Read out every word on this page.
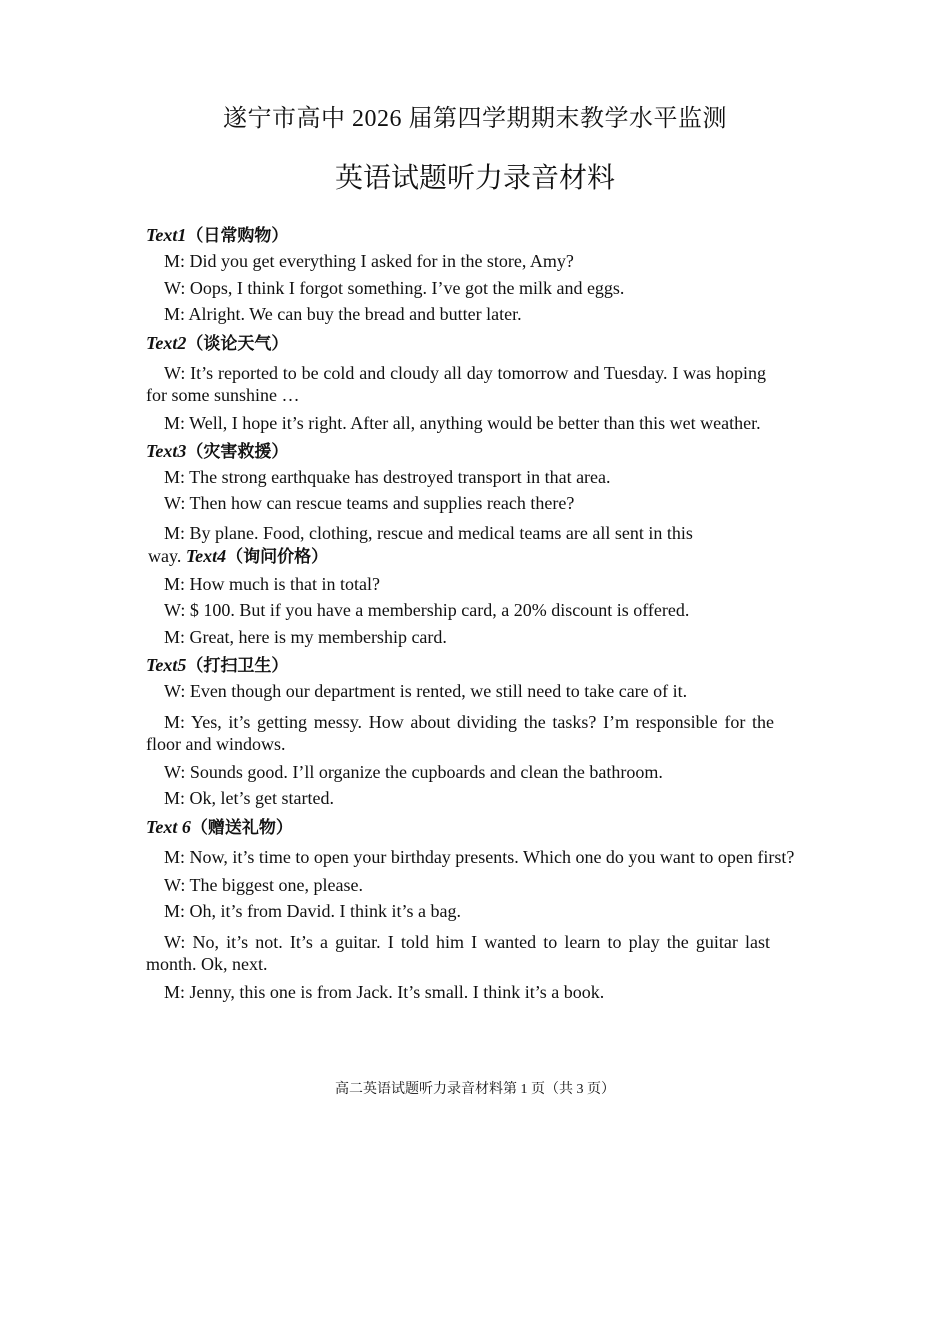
遂宁市高中 2026 届第四学期期末教学水平监测
英语试题听力录音材料
Text1（日常购物）
M: Did you get everything I asked for in the store, Amy?
W: Oops, I think I forgot something. I’ve got the milk and eggs.
M: Alright. We can buy the bread and butter later.
Text2（谈论天气）
W: It’s reported to be cold and cloudy all day tomorrow and Tuesday. I was hoping for some sunshine …
M: Well, I hope it’s right. After all, anything would be better than this wet weather.
Text3（灾害救援）
M: The strong earthquake has destroyed transport in that area.
W: Then how can rescue teams and supplies reach there?
M: By plane. Food, clothing, rescue and medical teams are all sent in this
way. Text4（询问价格）
M: How much is that in total?
W: $ 100. But if you have a membership card, a 20% discount is offered.
M: Great, here is my membership card.
Text5（打扫卫生）
W: Even though our department is rented, we still need to take care of it.
M: Yes, it’s getting messy. How about dividing the tasks? I’m responsible for the floor and windows.
W: Sounds good. I’ll organize the cupboards and clean the bathroom.
M: Ok, let’s get started.
Text 6（赠送礼物）
M: Now, it’s time to open your birthday presents. Which one do you want to open first?
W: The biggest one, please.
M: Oh, it’s from David. I think it’s a bag.
W: No, it’s not. It’s a guitar. I told him I wanted to learn to play the guitar last month. Ok, next.
M: Jenny, this one is from Jack. It’s small. I think it’s a book.
高二英语试题听力录音材料第 1 页（共 3 页）
